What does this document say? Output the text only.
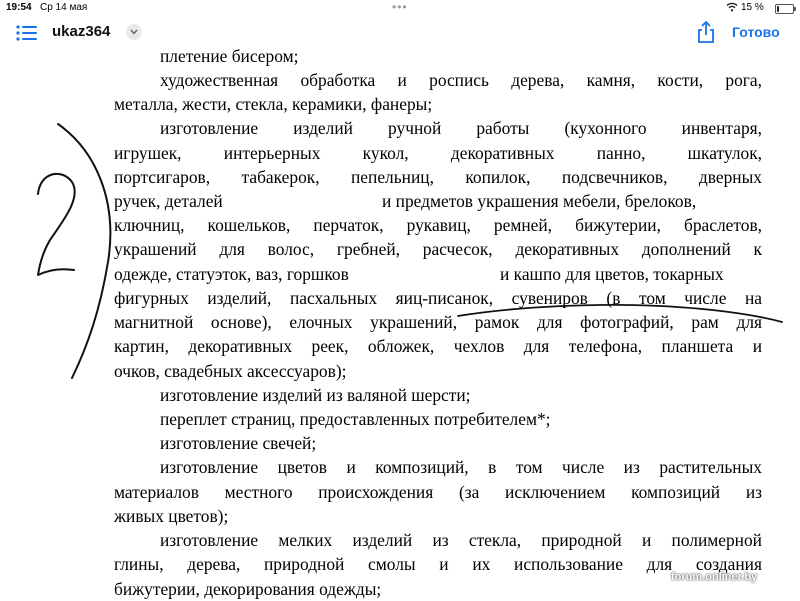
19:54 Ср 14 мая	•••	15 %
ukaz364	Готово
плетение бисером;
художественная обработка и роспись дерева, камня, кости, рога,
металла, жести, стекла, керамики, фанеры;
изготовление изделий ручной работы (кухонного инвентаря,
игрушек, интерьерных кукол, декоративных панно, шкатулок,
портсигаров, табакерок, пепельниц, копилок, подсвечников, дверных
ручек, деталей	и предметов украшения мебели, брелоков,
ключниц, кошельков, перчаток, рукавиц, ремней, бижутерии, браслетов,
украшений для волос, гребней, расчесок, декоративных дополнений к
одежде, статуэток, ваз, горшков	и кашпо для цветов, токарных
фигурных изделий, пасхальных яиц-писанок, сувениров (в том числе на
магнитной основе), елочных украшений, рамок для фотографий, рам для
картин, декоративных реек, обложек, чехлов для телефона, планшета и
очков, свадебных аксессуаров);
изготовление изделий из валяной шерсти;
переплет страниц, предоставленных потребителем*;
изготовление свечей;
изготовление цветов и композиций, в том числе из растительных
материалов местного происхождения (за исключением композиций из
живых цветов);
изготовление мелких изделий из стекла, природной и полимерной
глины, дерева, природной смолы и их использование для создания
бижутерии, декорирования одежды;
forum.onliner.by
